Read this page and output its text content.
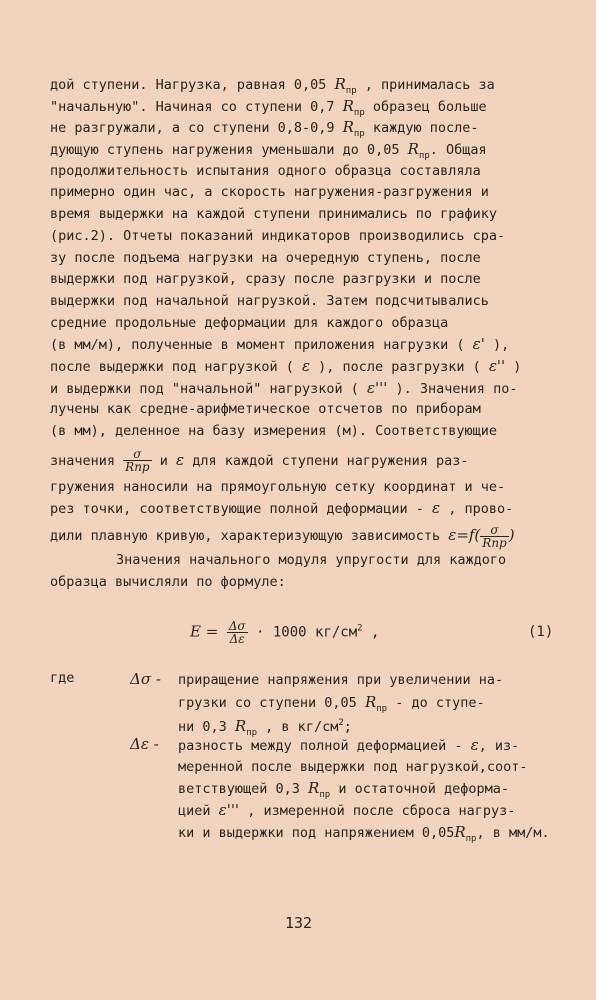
дой ступени. Нагрузка, равная 0,05 $R_{пр}$ , принималась за
"начальную". Начиная со ступени 0,7 $R_{пр}$ образец больше
не разгружали, а со ступени 0,8-0,9 $R_{пр}$ каждую после-
дующую ступень нагружения уменьшали до 0,05 $R_{пр}$. Общая
продолжительность испытания одного образца составляла
примерно один час, а скорость нагружения-разгружения и
время выдержки на каждой ступени принимались по графику
(рис.2). Отчеты показаний индикаторов производились сра-
зу после подъема нагрузки на очередную ступень, после
выдержки под нагрузкой, сразу после разгрузки и после
выдержки под начальной нагрузкой. Затем подсчитывались
средние продольные деформации для каждого образца
(в мм/м), полученные в момент приложения нагрузки ( ε' ),
после выдержки под нагрузкой ( ε ), после разгрузки ( ε'' )
и выдержки под "начальной" нагрузкой ( ε''' ). Значения по-
лучены как средне-арифметическое отсчетов по приборам
(в мм), деленное на базу измерения (м). Соответствующие
значения $\frac{\sigma}{\text{Rпр}}$ и ε для каждой ступени нагружения раз-
гружения наносили на прямоугольную сетку координат и че-
рез точки, соответствующие полной деформации - ε , прово-
дили плавную кривую, характеризующую зависимость $\varepsilon=f( \frac{\sigma}{\text{Rпр}}$ )
Значения начального модуля упругости для каждого
образца вычисляли по формуле:
$E = \frac{\Delta\sigma}{\Delta\varepsilon} \cdot 1000$ $кг/см^2$ ,	(1)
где	Δσ - приращение напряжения при увеличении на-
грузки со ступени 0,05 $R_{пр}$ - до ступе-
ни 0,3 $R_{пр}$ , в $кг/см^2$;
Δε - разность между полной деформацией - ε, из-
меренной после выдержки под нагрузкой,соот-
ветствующей 0,3 $R_{пр}$ и остаточной деформа-
цией ε''' , измеренной после сброса нагруз-
ки и выдержки под напряжением $0,05R_{пр}$, в мм/м.
132
